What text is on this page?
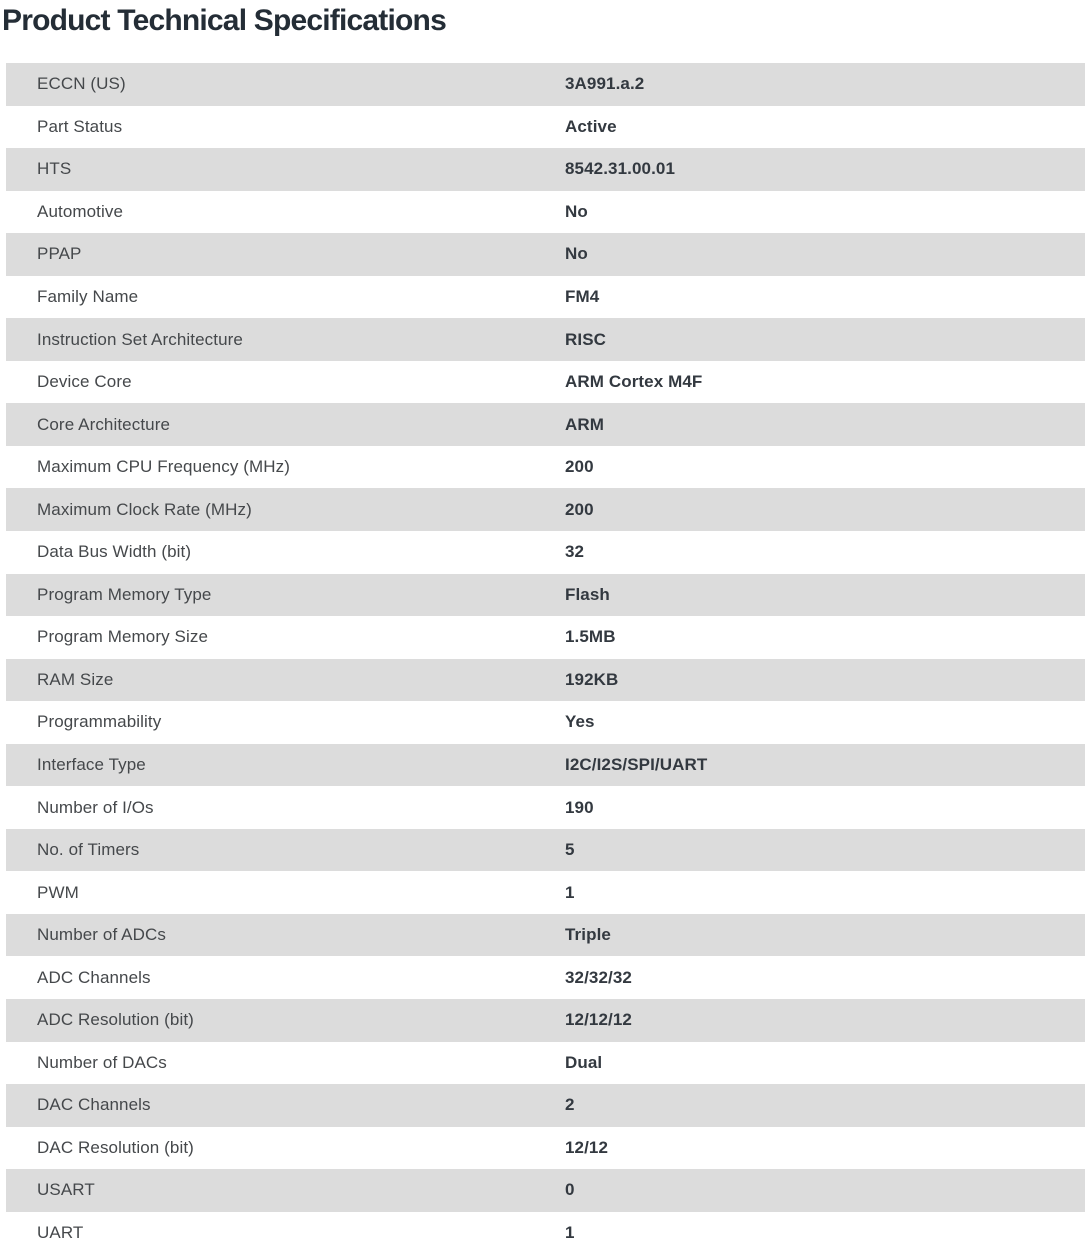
Product Technical Specifications
ECCN (US)	3A991.a.2
Part Status	Active
HTS	8542.31.00.01
Automotive	No
PPAP	No
Family Name	FM4
Instruction Set Architecture	RISC
Device Core	ARM Cortex M4F
Core Architecture	ARM
Maximum CPU Frequency (MHz)	200
Maximum Clock Rate (MHz)	200
Data Bus Width (bit)	32
Program Memory Type	Flash
Program Memory Size	1.5MB
RAM Size	192KB
Programmability	Yes
Interface Type	I2C/I2S/SPI/UART
Number of I/Os	190
No. of Timers	5
PWM	1
Number of ADCs	Triple
ADC Channels	32/32/32
ADC Resolution (bit)	12/12/12
Number of DACs	Dual
DAC Channels	2
DAC Resolution (bit)	12/12
USART	0
UART	1
